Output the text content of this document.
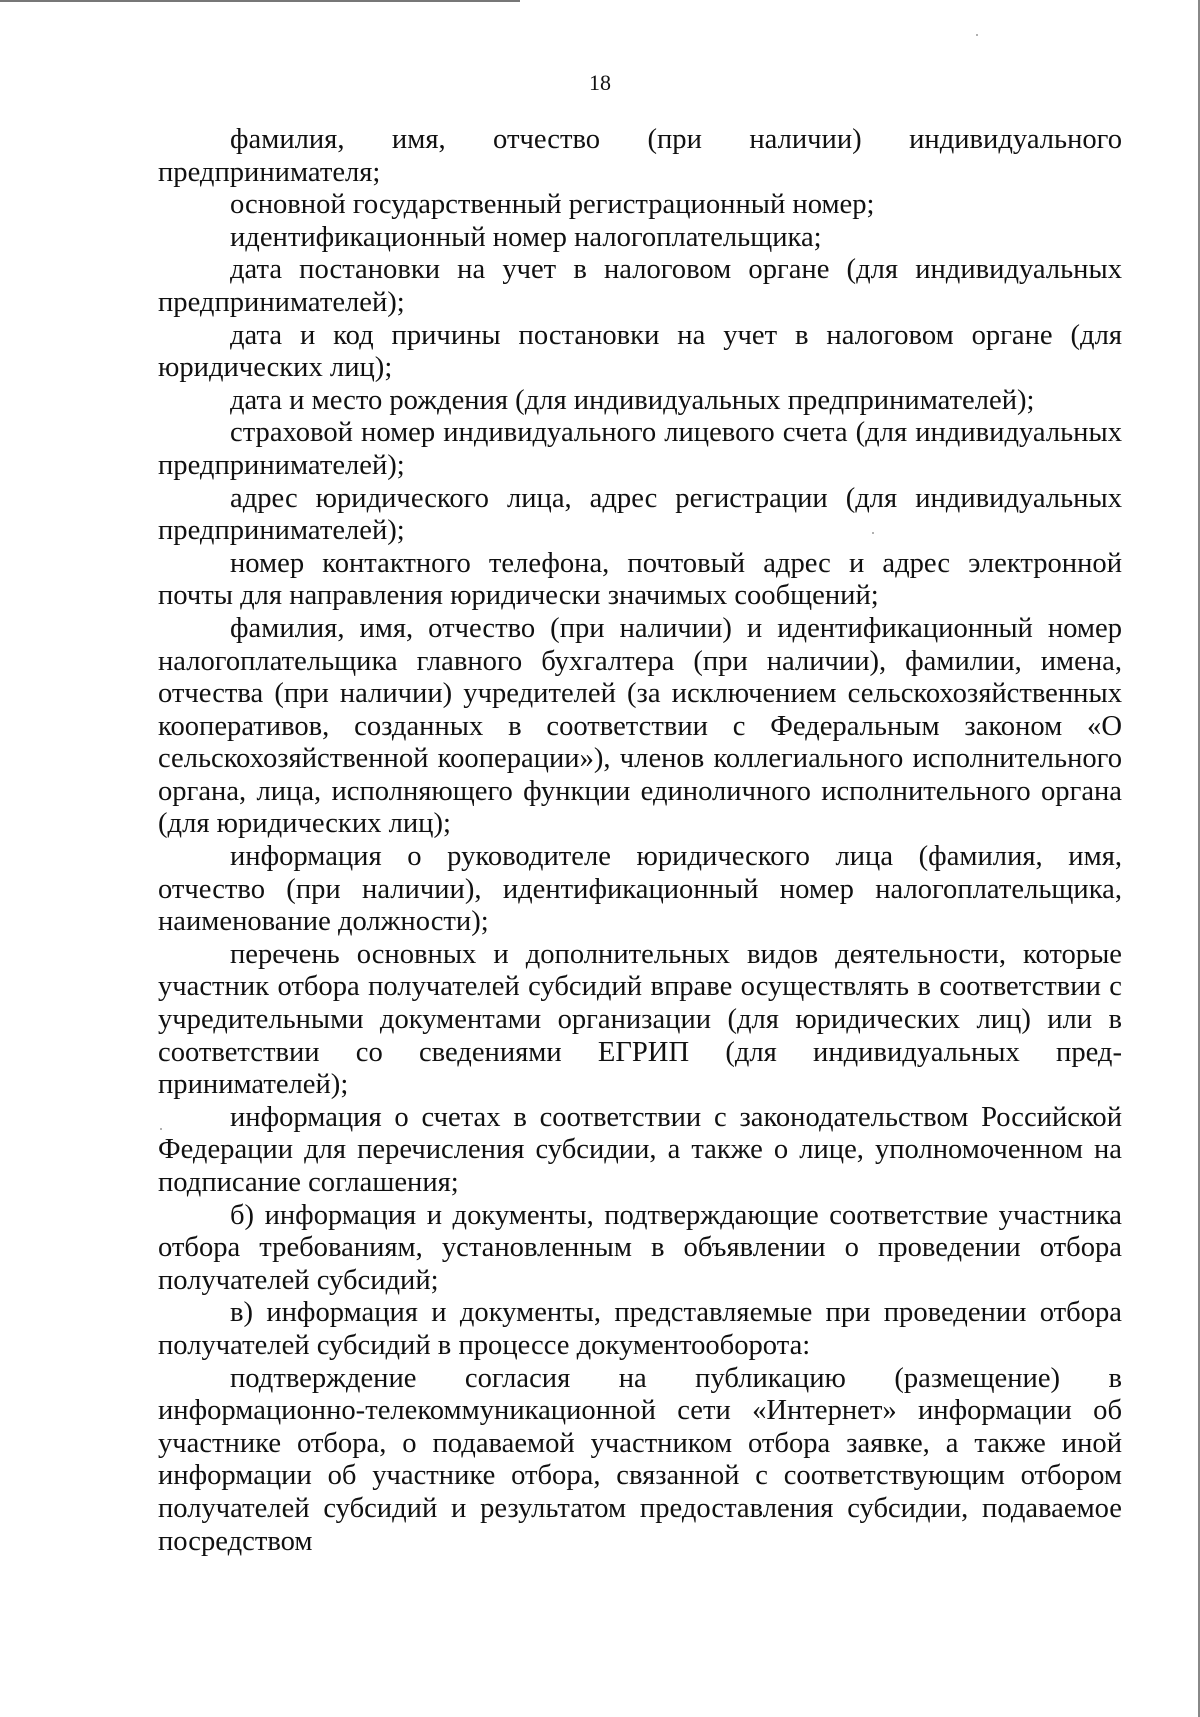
18

фамилия, имя, отчество (при наличии) индивидуального предпринимателя;

основной государственный регистрационный номер;

идентификационный номер налогоплательщика;

дата постановки на учет в налоговом органе (для индивидуальных предпринимателей);

дата и код причины постановки на учет в налоговом органе (для юридических лиц);

дата и место рождения (для индивидуальных предпринимателей);

страховой номер индивидуального лицевого счета (для индивидуальных предпринимателей);

адрес юридического лица, адрес регистрации (для индивидуальных предпринимателей);

номер контактного телефона, почтовый адрес и адрес электронной почты для направления юридически значимых сообщений;

фамилия, имя, отчество (при наличии) и идентификационный номер налогоплательщика главного бухгалтера (при наличии), фамилии, имена, отчества (при наличии) учредителей (за исключением сельскохозяйственных кооперативов, созданных в соответствии с Федеральным законом «О сельскохозяйственной кооперации»), членов коллегиального исполнительного органа, лица, исполняющего функции единоличного исполнительного органа (для юридических лиц);

информация о руководителе юридического лица (фамилия, имя, отчество (при наличии), идентификационный номер налогоплательщика, наименование должности);

перечень основных и дополнительных видов деятельности, которые участник отбора получателей субсидий вправе осуществлять в соответствии с учредительными документами организации (для юридических лиц) или в соответствии со сведениями ЕГРИП (для индивидуальных пред-принимателей);

информация о счетах в соответствии с законодательством Российской Федерации для перечисления субсидии, а также о лице, уполномоченном на подписание соглашения;

б) информация и документы, подтверждающие соответствие участника отбора требованиям, установленным в объявлении о проведении отбора получателей субсидий;

в) информация и документы, представляемые при проведении отбора получателей субсидий в процессе документооборота:

подтверждение согласия на публикацию (размещение) в информационно-телекоммуникационной сети «Интернет» информации об участнике отбора, о подаваемой участником отбора заявке, а также иной информации об участнике отбора, связанной с соответствующим отбором получателей субсидий и результатом предоставления субсидии, подаваемое посредством
